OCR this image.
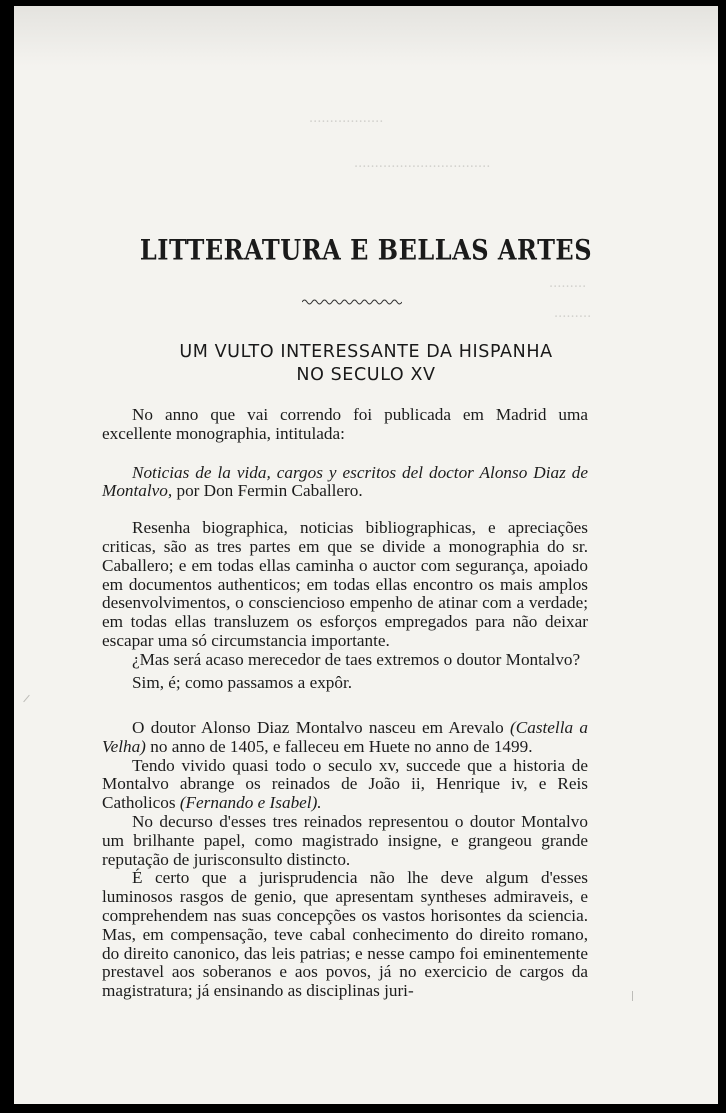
..................
.................................
.........
.........
LITTERATURA E BELLAS ARTES
UM VULTO INTERESSANTE DA HISPANHA
NO SECULO XV

No anno que vai correndo foi publicada em Madrid uma excellente monographia, intitulada:

Noticias de la vida, cargos y escritos del doctor Alonso Diaz de Montalvo, por Don Fermin Caballero.

Resenha biographica, noticias bibliographicas, e apreciações criticas, são as tres partes em que se divide a monographia do sr. Caballero; e em todas ellas caminha o auctor com segurança, apoiado em documentos authenticos; em todas ellas encontro os mais amplos desenvolvimentos, o consciencioso empenho de atinar com a verdade; em todas ellas transluzem os esforços empregados para não deixar escapar uma só circumstancia importante.

¿Mas será acaso merecedor de taes extremos o doutor Montalvo?

Sim, é; como passamos a expôr.

O doutor Alonso Diaz Montalvo nasceu em Arevalo (Castella a Velha) no anno de 1405, e falleceu em Huete no anno de 1499.

Tendo vivido quasi todo o seculo xv, succede que a historia de Montalvo abrange os reinados de João ii, Henrique iv, e Reis Catholicos (Fernando e Isabel).

No decurso d'esses tres reinados representou o doutor Montalvo um brilhante papel, como magistrado insigne, e grangeou grande reputação de jurisconsulto distincto.

É certo que a jurisprudencia não lhe deve algum d'esses luminosos rasgos de genio, que apresentam syntheses admiraveis, e comprehendem nas suas concepções os vastos horisontes da sciencia. Mas, em compensação, teve cabal conhecimento do direito romano, do direito canonico, das leis patrias; e nesse campo foi eminentemente prestavel aos soberanos e aos povos, já no exercicio de cargos da magistratura; já ensinando as disciplinas juri-
